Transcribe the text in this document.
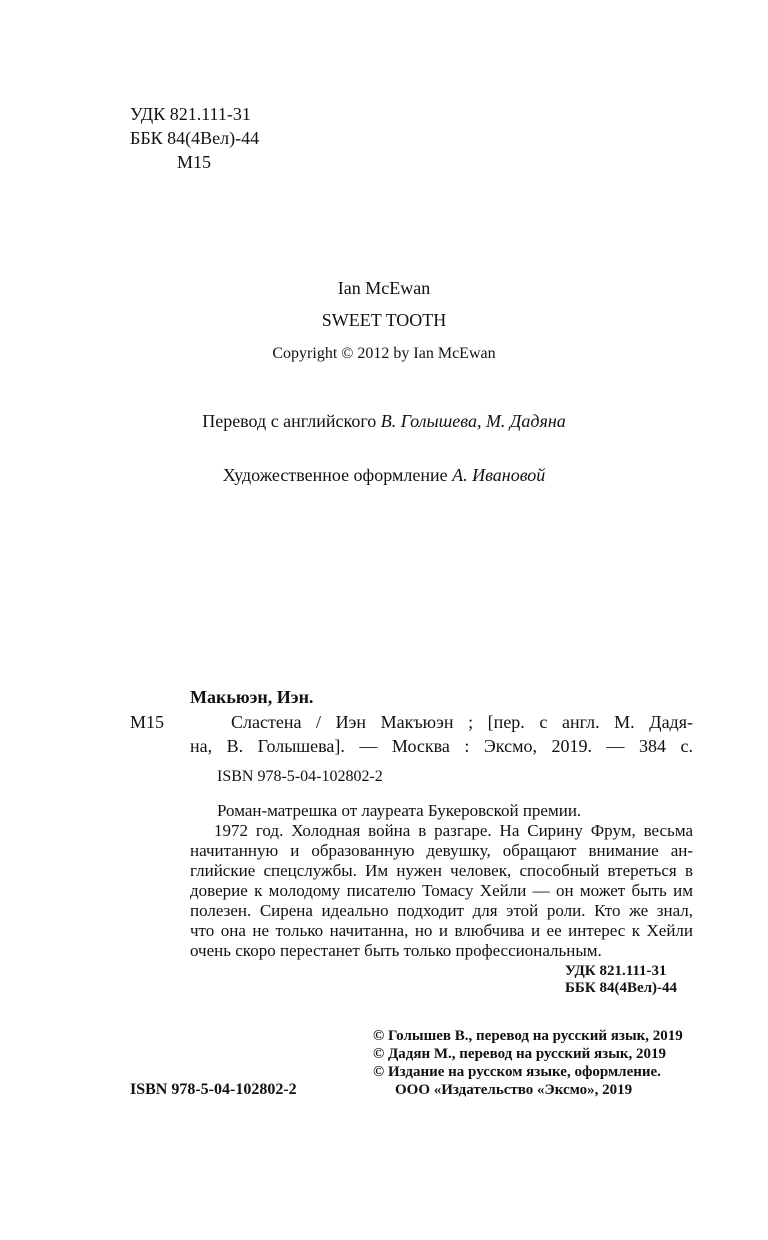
УДК 821.111-31
ББК 84(4Вел)-44
М15
Ian McEwan
SWEET TOOTH
Copyright © 2012 by Ian McEwan
Перевод с английского В. Голышева, М. Дадяна
Художественное оформление А. Ивановой
Макьюэн, Иэн.
М15	Сластена / Иэн Макъюэн ; [пер. с англ. М. Дадя-
на, В. Голышева]. — Москва : Эксмо, 2019. — 384 с.
ISBN 978-5-04-102802-2

Роман-матрешка от лауреата Букеровской премии.

1972 год. Холодная война в разгаре. На Сирину Фрум, весьма

начитанную и образованную девушку, обращают внимание ан-

глийские спецслужбы. Им нужен человек, способный втереться в

доверие к молодому писателю Томасу Хейли — он может быть им

полезен. Сирена идеально подходит для этой роли. Кто же знал,

что она не только начитанна, но и влюбчива и ее интерес к Хейли

очень скоро перестанет быть только профессиональным.

УДК 821.111-31
ББК 84(4Вел)-44
© Голышев В., перевод на русский язык, 2019
© Дадян М., перевод на русский язык, 2019
© Издание на русском языке, оформление.
ISBN 978-5-04-102802-2	ООО «Издательство «Эксмо», 2019
